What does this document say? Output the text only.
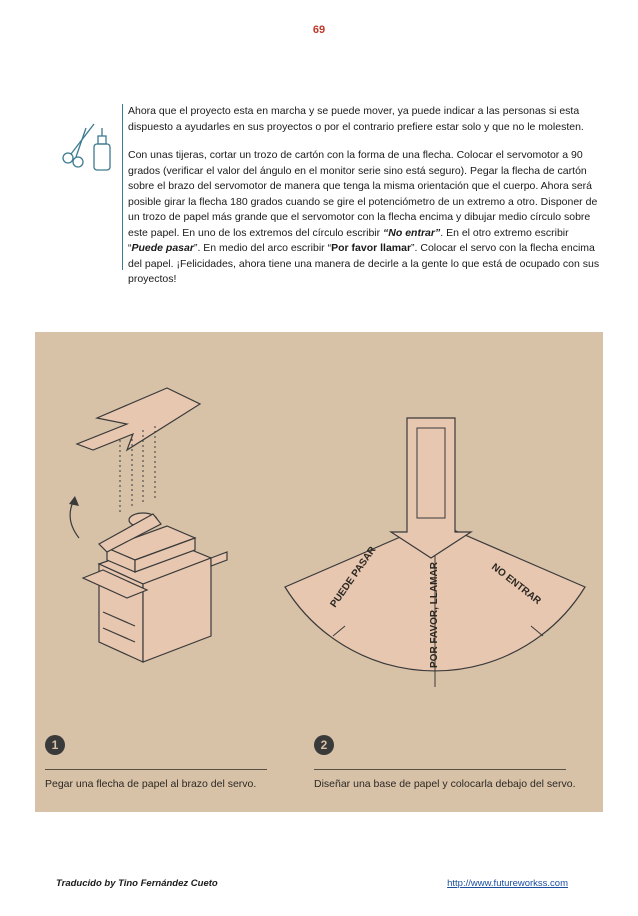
69

Ahora que el proyecto esta en marcha y se puede mover, ya puede indicar a las personas si esta dispuesto a ayudarles en sus proyectos o por el contrario prefiere estar solo y que no le molesten.

Con unas tijeras, cortar un trozo de cartón con la forma de una flecha. Colocar el servomotor a 90 grados (verificar el valor del ángulo en el monitor serie sino está seguro). Pegar la flecha de cartón sobre el brazo del servomotor de manera que tenga la misma orientación que el cuerpo. Ahora será posible girar la flecha 180 grados cuando se gire el potenciómetro de un extremo a otro. Disponer de un trozo de papel más grande que el servomotor con la flecha encima y dibujar medio círculo sobre este papel. En uno de los extremos del círculo escribir “No entrar”. En el otro extremo escribir “Puede pasar”. En medio del arco escribir “Por favor llamar”. Colocar el servo con la flecha encima del papel. ¡Felicidades, ahora tiene una manera de decirle a la gente lo que está de ocupado con sus proyectos!

PUEDE PASAR	POR FAVOR, LLAMAR	NO ENTRAR
1
Pegar una flecha de papel al brazo del servo.
2
Diseñar una base de papel y colocarla debajo del servo.
Traducido by Tino Fernández Cueto	http://www.futureworkss.com
